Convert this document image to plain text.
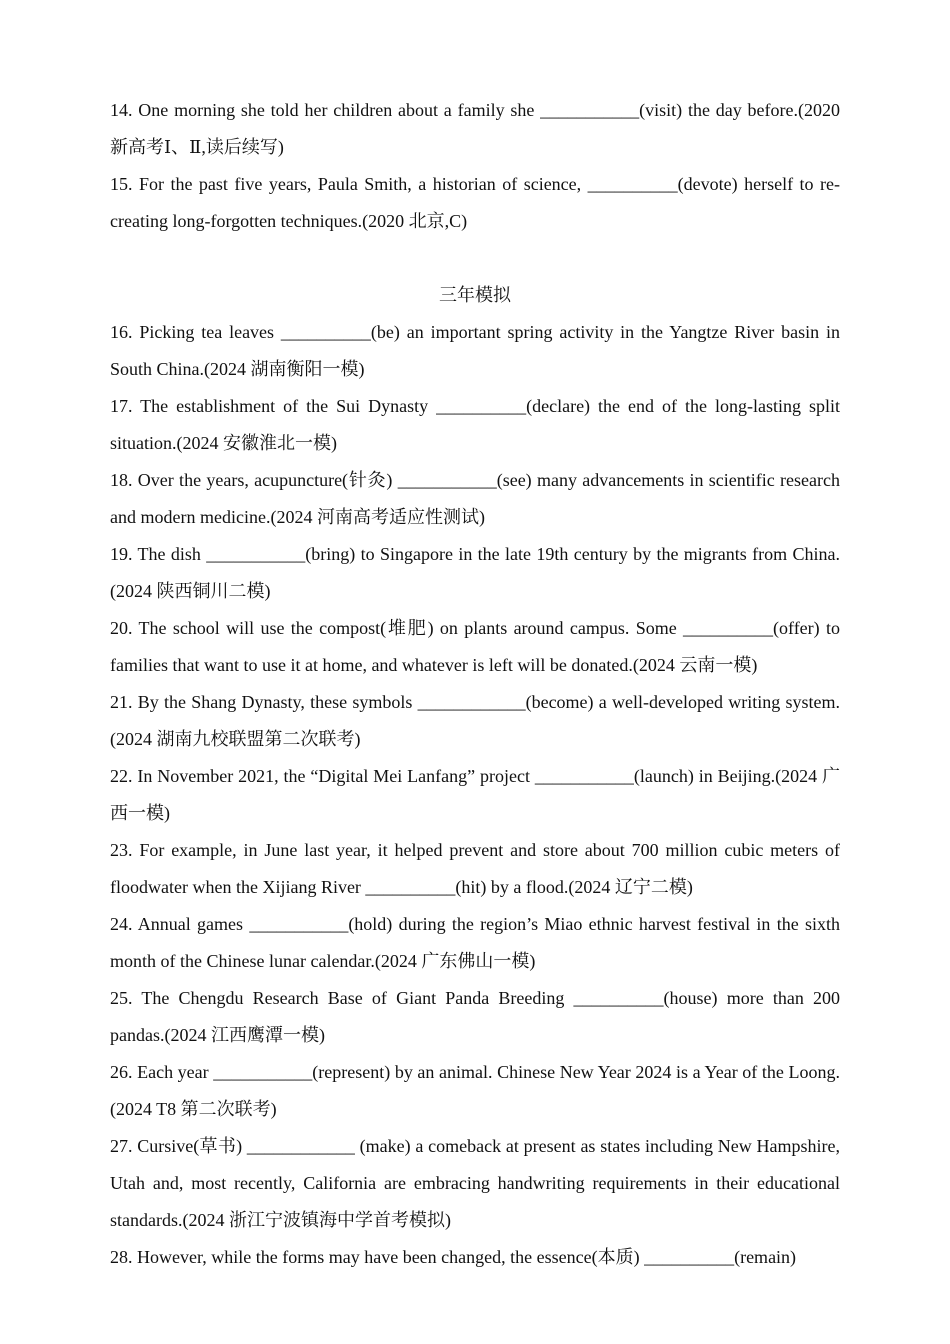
14. One morning she told her children about a family she ___________(visit) the day before.(2020 新高考Ⅰ、Ⅱ,读后续写)

15. For the past five years, Paula Smith, a historian of science, __________(devote) herself to re-creating long-forgotten techniques.(2020 北京,C)

三年模拟

16. Picking tea leaves __________(be) an important spring activity in the Yangtze River basin in South China.(2024 湖南衡阳一模)

17. The establishment of the Sui Dynasty __________(declare) the end of the long-lasting split situation.(2024 安徽淮北一模)

18. Over the years, acupuncture(针灸) ___________(see) many advancements in scientific research and modern medicine.(2024 河南高考适应性测试)

19. The dish ___________(bring) to Singapore in the late 19th century by the migrants from China.(2024 陕西铜川二模)

20. The school will use the compost(堆肥) on plants around campus. Some __________(offer) to families that want to use it at home, and whatever is left will be donated.(2024 云南一模)

21. By the Shang Dynasty, these symbols ____________(become) a well-developed writing system.(2024 湖南九校联盟第二次联考)

22. In November 2021, the “Digital Mei Lanfang” project ___________(launch) in Beijing.(2024 广西一模)

23. For example, in June last year, it helped prevent and store about 700 million cubic meters of floodwater when the Xijiang River __________(hit) by a flood.(2024 辽宁二模)

24. Annual games ___________(hold) during the region’s Miao ethnic harvest festival in the sixth month of the Chinese lunar calendar.(2024 广东佛山一模)

25. The Chengdu Research Base of Giant Panda Breeding __________(house) more than 200 pandas.(2024 江西鹰潭一模)

26. Each year ___________(represent) by an animal. Chinese New Year 2024 is a Year of the Loong.(2024 T8 第二次联考)

27. Cursive(草书) ____________ (make) a comeback at present as states including New Hampshire, Utah and, most recently, California are embracing handwriting requirements in their educational standards.(2024 浙江宁波镇海中学首考模拟)

28. However, while the forms may have been changed, the essence(本质) __________(remain)
